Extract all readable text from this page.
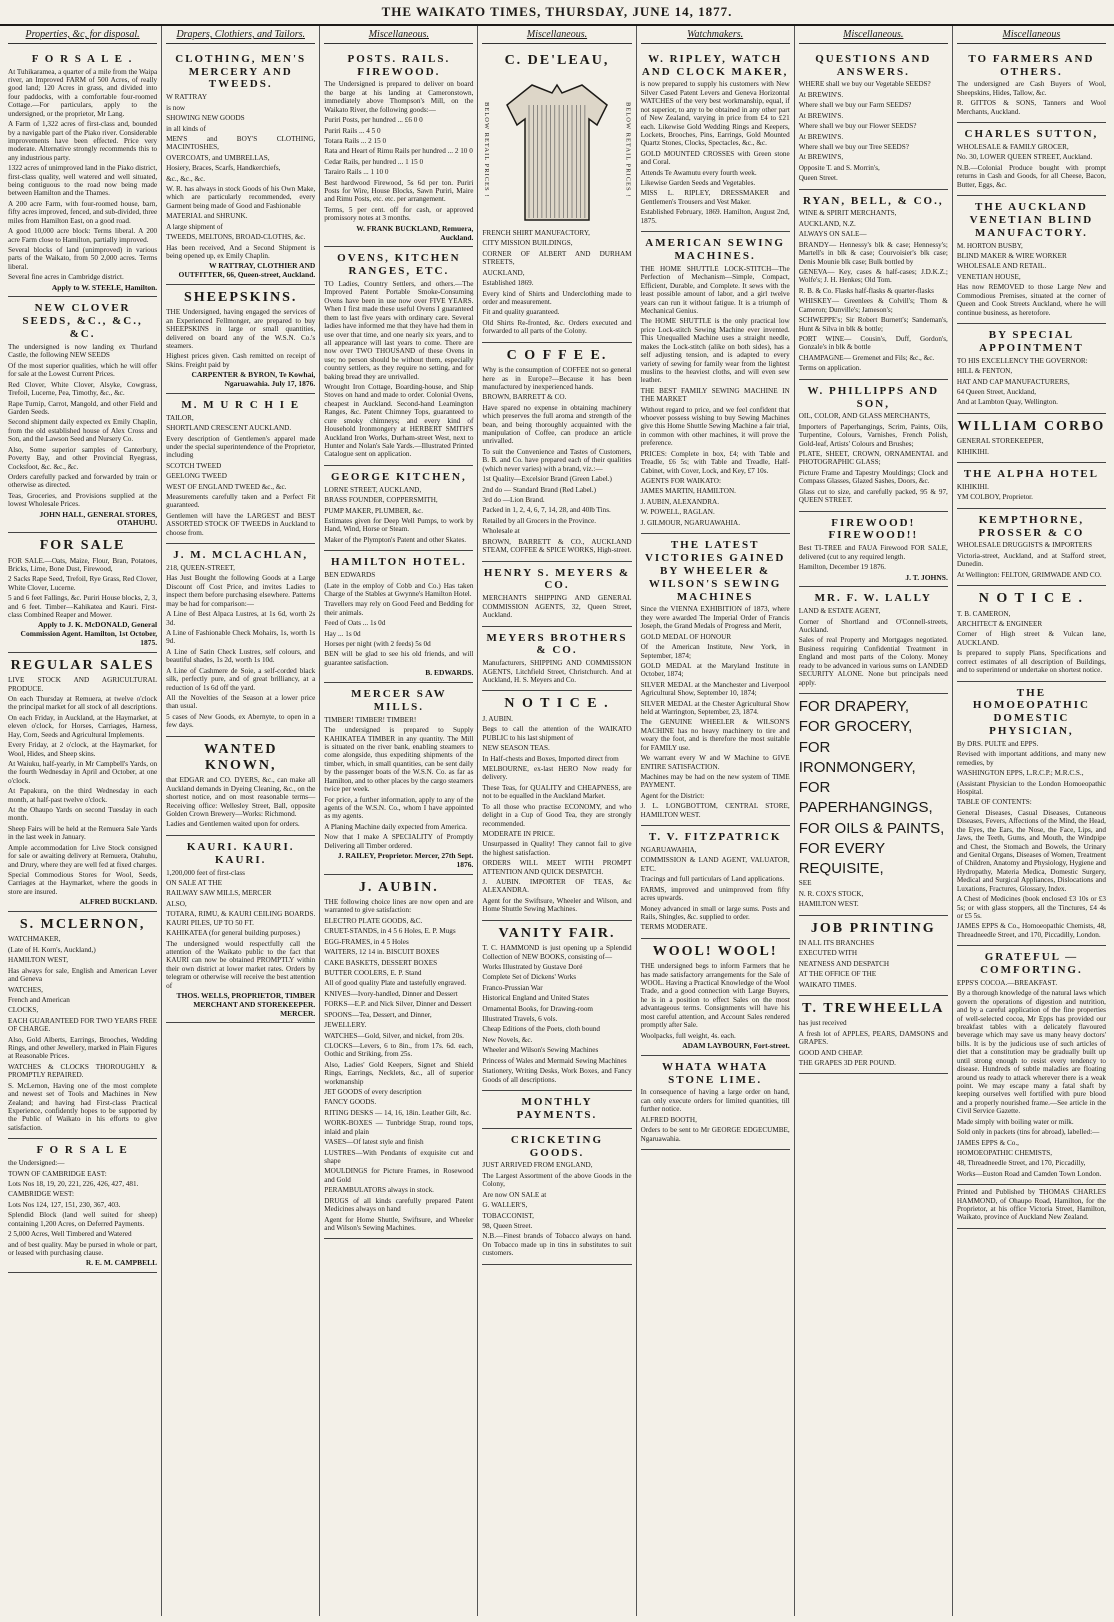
THE WAIKATO TIMES, THURSDAY, JUNE 14, 1877.
Properties, &c, for disposal.
F O R S A L E .

At Tuhikaramea, a quarter of a mile from the Waipa river, an Improved FARM of 500 Acres, of really good land; 120 Acres in grass, and divided into four paddocks, with a comfortable four-roomed Cottage.—For particulars, apply to the undersigned, or the proprietor, Mr Lang.

A Farm of 1,322 acres of first-class and, bounded by a navigable part of the Piako river. Considerable improvements have been effected. Price very moderate. Alternative strongly recommends this to any industrious party.

1322 acres of unimproved land in the Piako district, first-class quality, well watered and well situated, being contiguous to the road now being made between Hamilton and the Thames.

A 200 acre Farm, with four-roomed house, barn, fifty acres improved, fenced, and sub-divided, three miles from Hamilton East, on a good road.

A good 10,000 acre block: Terms liberal. A 200 acre Farm close to Hamilton, partially improved.

Several blocks of land (unimproved) in various parts of the Waikato, from 50 2,000 acres. Terms liberal.

Several fine acres in Cambridge district.

Apply to W. STEELE, Hamilton.
NEW CLOVER SEEDS, &C., &C., &C.

The undersigned is now landing ex Thurland Castle, the following NEW SEEDS

Of the most superior qualities, which he will offer for sale at the Lowest Current Prices.

Red Clover, White Clover, Alsyke, Cowgrass, Trefoil, Lucerne, Pea, Timothy, &c., &c.

Rape Turnip, Carrot, Mangold, and other Field and Garden Seeds.

Second shipment daily expected ex Emily Chaplin, from the old established house of Alex Cross and Son, and the Lawson Seed and Nursery Co.

Also, Some superior samples of Canterbury, Poverty Bay, and other Provincial Ryegrass, Cocksfoot, &c. &c., &c.

Orders carefully packed and forwarded by train or otherwise as directed.

Teas, Groceries, and Provisions supplied at the lowest Wholesale Prices.

JOHN HALL, GENERAL STORES, OTAHUHU.
FOR SALE

FOR SALE.—Oats, Maize, Flour, Bran, Potatoes, Bricks, Lime, Bone Dust, Firewood,

2 Sacks Rape Seed, Trefoil, Rye Grass, Red Clover, White Clover, Lucerne.

5 and 6 feet Fallings, &c. Puriri House blocks, 2, 3, and 6 feet. Timber—Kahikatea and Kauri. First-class Combined Reaper and Mower.

Apply to J. K. McDONALD, General Commission Agent. Hamilton, 1st October, 1875.
REGULAR SALES

LIVE STOCK AND AGRICULTURAL PRODUCE.

On each Thursday at Remuera, at twelve o'clock the principal market for all stock of all descriptions.

On each Friday, in Auckland, at the Haymarket, at eleven o'clock, for Horses, Carriages, Harness, Hay, Corn, Seeds and Agricultural Implements.

Every Friday, at 2 o'clock, at the Haymarket, for Wool, Hides, and Sheep skins.

At Waiuku, half-yearly, in Mr Campbell's Yards, on the fourth Wednesday in April and October, at one o'clock.

At Papakura, on the third Wednesday in each month, at half-past twelve o'clock.

At the Ohaupo Yards on second Tuesday in each month.

Sheep Fairs will be held at the Remuera Sale Yards in the last week in January.

Ample accommodation for Live Stock consigned for sale or awaiting delivery at Remuera, Otahuhu, and Drury, where they are well fed at fixed charges.

Special Commodious Stores for Wool, Seeds, Carriages at the Haymarket, where the goods in store are insured.

ALFRED BUCKLAND.
S. MCLERNON,

WATCHMAKER,

(Late of H. Korn's, Auckland,)

HAMILTON WEST,

Has always for sale, English and American Lever and Geneva

WATCHES,

French and American

CLOCKS,

EACH GUARANTEED FOR TWO YEARS FREE OF CHARGE.

Also, Gold Alberts, Earrings, Brooches, Wedding Rings, and other Jewellery, marked in Plain Figures at Reasonable Prices.

WATCHES & CLOCKS THOROUGHLY & PROMPTLY REPAIRED.

S. McLernon, Having one of the most complete and newest set of Tools and Machines in New Zealand; and having had First-class Practical Experience, confidently hopes to be supported by the Public of Waikato in his efforts to give satisfaction.

F O R S A L E

the Undersigned:—

TOWN OF CAMBRIDGE EAST:

Lots Nos 18, 19, 20, 221, 226, 426, 427, 481.

CAMBRIDGE WEST:

Lots Nos 124, 127, 151, 230, 367, 403.

Splendid Block (land well suited for sheep) containing 1,200 Acres, on Deferred Payments.

2 5,000 Acres, Well Timbered and Watered

and of best quality. May be pursed in whole or part, or leased with purchasing clause.

R. E. M. CAMPBELL
Drapers, Clothiers, and Tailors.
CLOTHING, MEN'S MERCERY AND TWEEDS.

W RATTRAY

is now

SHOWING NEW GOODS

in all kinds of

MEN'S and BOY'S CLOTHING, MACINTOSHES,

OVERCOATS, and UMBRELLAS,

Hosiery, Braces, Scarfs, Handkerchiefs,

&c., &c., &c.

W. R. has always in stock Goods of his Own Make, which are particularly recommended, every Garment being made of Good and Fashionable

MATERIAL and SHRUNK.

A large shipment of

TWEEDS, MELTONS, BROAD-CLOTHS, &c.

Has been received, And a Second Shipment is being opened up, ex Emily Chaplin.

W RATTRAY, CLOTHIER AND OUTFITTER, 66, Queen-street, Auckland.
SHEEPSKINS.

THE Undersigned, having engaged the services of an Experienced Fellmonger, are prepared to buy SHEEPSKINS in large or small quantities, delivered on board any of the W.S.N. Co.'s steamers.

Highest prices given. Cash remitted on receipt of Skins. Freight paid by

CARPENTER & BYRON, Te Kowhai, Ngaruawahia. July 17, 1876.
M. M U R C H I E

TAILOR,

SHORTLAND CRESCENT AUCKLAND.

Every description of Gentlemen's apparel made under the special superintendence of the Proprietor, including

SCOTCH TWEED

GEELONG TWEED

WEST OF ENGLAND TWEED &c., &c.

Measurements carefully taken and a Perfect Fit guaranteed.

Gentlemen will have the LARGEST and BEST ASSORTED STOCK OF TWEEDS in Auckland to choose from.

J. M. MCLACHLAN,

218, QUEEN-STREET,

Has Just Bought the following Goods at a Large Discount off Cost Price, and invites Ladies to inspect them before purchasing elsewhere. Patterns may be had for comparison:—

A Line of Best Alpaca Lustres, at 1s 6d, worth 2s 3d.

A Line of Fashionable Check Mohairs, 1s, worth 1s 9d.

A Line of Satin Check Lustres, self colours, and beautiful shades, 1s 2d, worth 1s 10d.

A Line of Cashmere de Soie, a self-corded black silk, perfectly pure, and of great brilliancy, at a reduction of 1s 6d off the yard.

All the Novelties of the Season at a lower price than usual.

5 cases of New Goods, ex Abernyte, to open in a few days.

WANTED KNOWN,

that EDGAR and CO. DYERS, &c., can make all Auckland demands in Dyeing Cleaning, &c., on the shortest notice, and on most reasonable terms—Receiving office: Wellesley Street, Ball, opposite Golden Crown Brewery—Works: Richmond.

Ladies and Gentlemen waited upon for orders.

KAURI. KAURI. KAURI.

1,200,000 feet of first-class

ON SALE AT THE

RAILWAY SAW MILLS, MERCER

ALSO,

TOTARA, RIMU, & KAURI CEILING BOARDS. KAURI PILES, UP TO 50 FT.

KAHIKATEA (for general building purposes.)

The undersigned would respectfully call the attention of the Waikato public to the fact that KAURI can now be obtained PROMPTLY within their own district at lower market rates. Orders by telegram or otherwise will receive the best attention of

THOS. WELLS, PROPRIETOR, TIMBER MERCHANT AND STOREKEEPER. MERCER.
Miscellaneous.
POSTS. RAILS. FIREWOOD.

The Undersigned is prepared to deliver on board the barge at his landing at Cameronstown, immediately above Thompson's Mill, on the Waikato River, the following goods:—

Puriri Posts, per hundred ... £6 0 0

Puriri Rails ... 4 5 0

Totara Rails ... 2 15 0

Rata and Heart of Rimu Rails per hundred ... 2 10 0

Cedar Rails, per hundred ... 1 15 0

Tarairo Rails ... 1 10 0

Best hardwood Firewood, 5s 6d per ton. Puriri Posts for Wire, House Blocks, Sawn Puriri, Maire and Rimu Posts, etc. etc. per arrangement.

Terms, 5 per cent. off for cash, or approved promissory notes at 3 months.

W. FRANK BUCKLAND, Remuera, Auckland.
OVENS, KITCHEN RANGES, ETC.

TO Ladies, Country Settlers, and others.—The Improved Patent Portable Smoke-Consuming Ovens have been in use now over FIVE YEARS. When I first made these useful Ovens I guaranteed them to last five years with ordinary care. Several ladies have informed me that they have had them in use over that time, and one nearly six years, and to all appearance will last years to come. There are now over TWO THOUSAND of these Ovens in use; no person should be without them, especially country settlers, as they require no setting, and for baking bread they are unrivalled.

Wrought Iron Cottage, Boarding-house, and Ship Stoves on hand and made to order. Colonial Ovens, cheapest in Auckland. Second-hand Leamington Ranges, &c. Patent Chimney Tops, guaranteed to cure smoky chimneys; and every kind of Household Ironmongery at HERBERT SMITH'S Auckland Iron Works, Durham-street West, next to Hunter and Nolan's Sale Yards.—Illustrated Printed Catalogue sent on application.

GEORGE KITCHEN,

LORNE STREET, AUCKLAND,

BRASS FOUNDER, COPPERSMITH,

PUMP MAKER, PLUMBER, &c.

Estimates given for Deep Well Pumps, to work by Hand, Wind, Horse or Steam.

Maker of the Plympton's Patent and other Skates.

HAMILTON HOTEL.

BEN EDWARDS

(Late in the employ of Cobb and Co.) Has taken Charge of the Stables at Gwynne's Hamilton Hotel.

Travellers may rely on Good Feed and Bedding for their animals.

Feed of Oats ... 1s 0d

Hay ... 1s 0d

Horses per night (with 2 feeds) 5s 0d

BEN will be glad to see his old friends, and will guarantee satisfaction.

B. EDWARDS.
MERCER SAW MILLS.

TIMBER! TIMBER! TIMBER!

The undersigned is prepared to Supply KAHIKATEA TIMBER in any quantity. The Mill is situated on the river bank, enabling steamers to come alongside, thus expediting shipments of the timber, which, in small quantities, can be sent daily by the passenger boats of the W.S.N. Co. as far as Hamilton, and to other places by the cargo steamers twice per week.

For price, a further information, apply to any of the agents of the W.S.N. Co., whom I have appointed as my agents.

A Planing Machine daily expected from America.

Now that I make A SPECIALITY of Promptly Delivering all Timber ordered.

J. RAILEY, Proprietor. Mercer, 27th Sept. 1876.
J. AUBIN.

THE following choice lines are now open and are warranted to give satisfaction:

ELECTRO PLATE GOODS, &C.

CRUET-STANDS, in 4 5 6 Holes, E. P. Mugs

EGG-FRAMES, in 4 5 Holes

WAITERS, 12 14 in. BISCUIT BOXES

CAKE BASKETS, DESSERT BOXES

BUTTER COOLERS, E. P. Stand

All of good quality Plate and tastefully engraved.

KNIVES—Ivory-handled, Dinner and Dessert

FORKS—E.P. and Nick Silver, Dinner and Dessert

SPOONS—Tea, Dessert, and Dinner,

JEWELLERY.

WATCHES—Gold, Silver, and nickel, from 20s.

CLOCKS—Levers, 6 to 8in., from 17s. 6d. each, Oothic and Striking, from 25s.

Also, Ladies' Gold Keepers, Signet and Shield Rings, Earrings, Necklets, &c., all of superior workmanship

JET GOODS of every description

FANCY GOODS.

RITING DESKS — 14, 16, 18in. Leather Gilt, &c.

WORK-BOXES — Tunbridge Strap, round tops, inlaid and plain

VASES—Of latest style and finish

LUSTRES—With Pendants of exquisite cut and shape

MOULDINGS for Picture Frames, in Rosewood and Gold

PERAMBULATORS always in stock.

DRUGS of all kinds carefully prepared Patent Medicines always on hand

Agent for Home Shuttle, Swiftsure, and Wheeler and Wilson's Sewing Machines.

Miscellaneous.
C. DE'LEAU,
BELOW RETAIL PRICES !	BELOW RETAIL PRICES !

FRENCH SHIRT MANUFACTORY,

CITY MISSION BUILDINGS,

CORNER OF ALBERT AND DURHAM STREETS,

AUCKLAND,

Established 1869.

Every kind of Shirts and Underclothing made to order and measurement.

Fit and quality guaranteed.

Old Shirts Re-fronted, &c. Orders executed and forwarded to all parts of the Colony.

C O F F E E.

Why is the consumption of COFFEE not so general here as in Europe?—Because it has been manufactured by inexperienced hands.

BROWN, BARRETT & CO.

Have spared no expense in obtaining machinery which preserves the full aroma and strength of the bean, and being thoroughly acquainted with the manipulation of Coffee, can produce an article unrivalled.

To suit the Convenience and Tastes of Customers, B. B. and Co. have prepared each of their qualities (which never varies) with a brand, viz.:—

1st Quality—Excelsior Brand (Green Label.)

2nd do — Standard Brand (Red Label.)

3rd do —Lion Brand.

Packed in 1, 2, 4, 6, 7, 14, 28, and 40lb Tins.

Retailed by all Grocers in the Province.

Wholesale at

BROWN, BARRETT & CO., AUCKLAND STEAM, COFFEE & SPICE WORKS, High-street.

HENRY S. MEYERS & CO.

MERCHANTS SHIPPING AND GENERAL COMMISSION AGENTS, 32, Queen Street, Auckland.

MEYERS BROTHERS & CO.

Manufacturers, SHIPPING AND COMMISSION AGENTS, Litchfield Street, Christchurch. And at Auckland, H. S. Meyers and Co.

N O T I C E .

J. AUBIN.

Begs to call the attention of the WAIKATO PUBLIC to his last shipment of

NEW SEASON TEAS.

In Half-chests and Boxes, Imported direct from

MELBOURNE, ex-last HERO Now ready for delivery.

These Teas, for QUALITY and CHEAPNESS, are not to be equalled in the Auckland Market.

To all those who practise ECONOMY, and who delight in a Cup of Good Tea, they are strongly recommended.

MODERATE IN PRICE.

Unsurpassed in Quality! They cannot fail to give the highest satisfaction.

ORDERS WILL MEET WITH PROMPT ATTENTION AND QUICK DESPATCH.

J. AUBIN. IMPORTER OF TEAS, &c ALEXANDRA.

Agent for the Swiftsure, Wheeler and Wilson, and Home Shuttle Sewing Machines.

VANITY FAIR.

T. C. HAMMOND is just opening up a Splendid Collection of NEW BOOKS, consisting of—

Works Illustrated by Gustave Doré

Complete Set of Dickens' Works

Franco-Prussian War

Historical England and United States

Ornamental Books, for Drawing-room

Illustrated Travels, 6 vols.

Cheap Editions of the Poets, cloth bound

New Novels, &c.

Wheeler and Wilson's Sewing Machines

Princess of Wales and Mermaid Sewing Machines

Stationery, Writing Desks, Work Boxes, and Fancy Goods of all descriptions.

MONTHLY PAYMENTS.
CRICKETING GOODS.

JUST ARRIVED FROM ENGLAND,

The Largest Assortment of the above Goods in the Colony,

Are now ON SALE at

G. WALLER'S,

TOBACCONIST,

98, Queen Street.

N.B.—Finest brands of Tobacco always on hand. On Tobacco made up in tins in substitutes to suit customers.

Watchmakers.
W. RIPLEY, WATCH AND CLOCK MAKER,

is now prepared to supply his customers with New Silver Cased Patent Levers and Geneva Horizontal WATCHES of the very best workmanship, equal, if not superior, to any to be obtained in any other part of New Zealand, varying in price from £4 to £21 each. Likewise Gold Wedding Rings and Keepers, Lockets, Brooches, Pins, Earrings, Gold Mounted Quartz Stones, Clocks, Spectacles, &c., &c.

GOLD MOUNTED CROSSES with Green stone and Coral.

Attends Te Awamutu every fourth week.

Likewise Garden Seeds and Vegetables.

MISS L. RIPLEY, DRESSMAKER and Gentlemen's Trousers and Vest Maker.

Established February, 1869. Hamilton, August 2nd, 1875.

AMERICAN SEWING MACHINES.

THE HOME SHUTTLE LOCK-STITCH—The Perfection of Mechanism—Simple, Compact, Efficient, Durable, and Complete. It sews with the least possible amount of labor, and a girl twelve years can run it without fatigue. It is a triumph of Mechanical Genius.

The HOME SHUTTLE is the only practical low price Lock-stitch Sewing Machine ever invented. This Unequalled Machine uses a straight needle, makes the Lock-stitch (alike on both sides), has a self adjusting tension, and is adapted to every variety of sewing for family wear from the lightest muslins to the heaviest cloths, and will even sew leather.

THE BEST FAMILY SEWING MACHINE IN THE MARKET

Without regard to price, and we feel confident that whoever possess wishing to buy Sewing Machines give this Home Shuttle Sewing Machine a fair trial, in common with other machines, it will prove the preference.

PRICES: Complete in box, £4; with Table and Treadle, £6 5s; with Table and Treadle, Half-Cabinet, with Cover, Lock, and Key, £7 10s.

AGENTS FOR WAIKATO:

JAMES MARTIN, HAMILTON.

J. AUBIN, ALEXANDRA.

W. POWELL, RAGLAN.

J. GILMOUR, NGARUAWAHIA.

THE LATEST VICTORIES GAINED BY WHEELER & WILSON'S SEWING MACHINES

Since the VIENNA EXHIBITION of 1873, where they were awarded The Imperial Order of Francis Joseph, the Grand Medals of Progress and Merit,

GOLD MEDAL OF HONOUR

Of the American Institute, New York, in September, 1874;

GOLD MEDAL at the Maryland Institute in October, 1874;

SILVER MEDAL at the Manchester and Liverpool Agricultural Show, September 10, 1874;

SILVER MEDAL at the Chester Agricultural Show held at Warrington, September, 23, 1874.

The GENUINE WHEELER & WILSON'S MACHINE has no heavy machinery to tire and weary the foot, and is therefore the most suitable for FAMILY use.

We warrant every W and W Machine to GIVE ENTIRE SATISFACTION.

Machines may be had on the new system of TIME PAYMENT.

Agent for the District:

J. L. LONGBOTTOM, CENTRAL STORE, HAMILTON WEST.

T. V. FITZPATRICK

NGARUAWAHIA,

COMMISSION & LAND AGENT, VALUATOR, ETC.

Tracings and full particulars of Land applications.

FARMS, improved and unimproved from fifty acres upwards.

Money advanced in small or large sums. Posts and Rails, Shingles, &c. supplied to order.

TERMS MODERATE.

WOOL! WOOL!

THE undersigned begs to inform Farmers that he has made satisfactory arrangements for the Sale of WOOL. Having a Practical Knowledge of the Wool Trade, and a good connection with Large Buyers, he is in a position to effect Sales on the most advantageous terms. Consignments will have his most careful attention, and Account Sales rendered promptly after Sale.

Woolpacks, full weight, 4s. each.

ADAM LAYBOURN, Fort-street.
WHATA WHATA STONE LIME.

In consequence of having a large order on hand, can only execute orders for limited quantities, till further notice.

ALFRED BOOTH,

Orders to be sent to Mr GEORGE EDGECUMBE, Ngaruawahia.

Miscellaneous.
QUESTIONS AND ANSWERS.

WHERE shall we buy our Vegetable SEEDS?

At BREWIN'S.

Where shall we buy our Farm SEEDS?

At BREWIN'S.

Where shall we buy our Flower SEEDS?

At BREWIN'S.

Where shall we buy our Tree SEEDS?

At BREWIN'S,

Opposite T. and S. Morrin's,

Queen Street.

RYAN, BELL, & CO.,

WINE & SPIRIT MERCHANTS,

AUCKLAND, N.Z.

ALWAYS ON SALE—

BRANDY— Hennessy's blk & case; Hennessy's; Martell's in blk & case; Courvoisier's blk case; Denis Mounie blk case; Bulk bottled by

GENEVA— Key, cases & half-cases; J.D.K.Z.; Wolfe's; J. H. Henkes; Old Tom.

R. B. & Co. Flasks half-flasks & quarter-flasks

WHISKEY— Greenlees & Colvill's; Thom & Cameron; Dunville's; Jameson's;

SCHWEPPE's; Sir Robert Burnett's; Sandeman's, Hunt & Silva in blk & bottle;

PORT WINE— Cousin's, Duff, Gordon's, Gonzale's in blk & bottle

CHAMPAGNE— Gremenet and Fils; &c., &c.

Terms on application.

W. PHILLIPPS AND SON,

OIL, COLOR, AND GLASS MERCHANTS,

Importers of Paperhangings, Scrim, Paints, Oils, Turpentine, Colours, Varnishes, French Polish, Gold-leaf, Artists' Colours and Brushes;

PLATE, SHEET, CROWN, ORNAMENTAL and PHOTOGRAPHIC GLASS;

Picture Frame and Tapestry Mouldings; Clock and Compass Glasses, Glazed Sashes, Doors, &c.

Glass cut to size, and carefully packed, 95 & 97, QUEEN STREET.

FIREWOOD! FIREWOOD!!

Best TI-TREE and FAUA Firewood FOR SALE, delivered (cut to any required length.

Hamilton, December 19 1876.

J. T. JOHNS.
MR. F. W. LALLY

LAND & ESTATE AGENT,

Corner of Shortland and O'Connell-streets, Auckland.

Sales of real Property and Mortgages negotiated. Business requiring Confidential Treatment in England and most parts of the Colony. Money ready to be advanced in various sums on LANDED SECURITY ALONE. None but principals need apply.

FOR DRAPERY,
FOR GROCERY,
FOR IRONMONGERY,
FOR PAPERHANGINGS,
FOR OILS & PAINTS,
FOR EVERY REQUISITE,

SEE

N. R. COX'S STOCK,

HAMILTON WEST.

JOB PRINTING

IN ALL ITS BRANCHES

EXECUTED WITH

NEATNESS AND DESPATCH

AT THE OFFICE OF THE

WAIKATO TIMES.

T. TREWHEELLA

has just received

A fresh lot of APPLES, PEARS, DAMSONS and GRAPES.

GOOD AND CHEAP.

THE GRAPES 3D PER POUND.

Miscellaneous
TO FARMERS AND OTHERS.

The undersigned are Cash Buyers of Wool, Sheepskins, Hides, Tallow, &c.

R. GITTOS & SONS, Tanners and Wool Merchants, Auckland.

CHARLES SUTTON,

WHOLESALE & FAMILY GROCER,

No. 30, LOWER QUEEN STREET, Auckland.

N.B.—Colonial Produce bought with prompt returns in Cash and Goods, for all Cheese, Bacon, Butter, Eggs, &c.

THE AUCKLAND VENETIAN BLIND MANUFACTORY.

M. HORTON BUSBY,

BLIND MAKER & WIRE WORKER

WHOLESALE AND RETAIL.

VENETIAN HOUSE,

Has now REMOVED to those Large New and Commodious Premises, situated at the corner of Queen and Cook Streets Auckland, where he will continue business, as heretofore.

BY SPECIAL APPOINTMENT

TO HIS EXCELLENCY THE GOVERNOR:

HILL & FENTON,

HAT AND CAP MANUFACTURERS,

64 Queen Street, Auckland,

And at Lambton Quay, Wellington.

WILLIAM CORBO

GENERAL STOREKEEPER,

KIHIKIHI.

THE ALPHA HOTEL

KIHIKIHI.

YM COLBOY, Proprietor.

KEMPTHORNE, PROSSER & CO

WHOLESALE DRUGGISTS & IMPORTERS

Victoria-street, Auckland, and at Stafford street, Dunedin.

At Wellington: FELTON, GRIMWADE AND CO.

N O T I C E .

T. B. CAMERON,

ARCHITECT & ENGINEER

Corner of High street & Vulcan lane, AUCKLAND.

Is prepared to supply Plans, Specifications and correct estimates of all description of Buildings, and to superintend or undertake on shortest notice.

THE HOMOEOPATHIC DOMESTIC PHYSICIAN,

By DRS. PULTE and EPPS.

Revised with important additions, and many new remedies, by

WASHINGTON EPPS, L.R.C.P.; M.R.C.S.,

(Assistant Physician to the London Homoeopathic Hospital.

TABLE OF CONTENTS:

General Diseases, Casual Diseases, Cutaneous Diseases, Fevers, Affections of the Mind, the Head, the Eyes, the Ears, the Nose, the Face, Lips, and Jaws, the Teeth, Gums, and Mouth, the Windpipe and Chest, the Stomach and Bowels, the Urinary and Genital Organs, Diseases of Women, Treatment of Children, Anatomy and Physiology, Hygiene and Hydropathy, Materia Medica, Domestic Surgery, Medical and Surgical Appliances, Dislocations and Luxations, Fractures, Glossary, Index.

A Chest of Medicines (book enclosed £3 10s or £3 5s; or with glass stoppers, all the Tinctures, £4 4s or £5 5s.

JAMES EPPS & Co., Homoeopathic Chemists, 48, Threadneedle Street, and 170, Piccadilly, London.

GRATEFUL — COMFORTING.

EPPS'S COCOA.—BREAKFAST.

By a thorough knowledge of the natural laws which govern the operations of digestion and nutrition, and by a careful application of the fine properties of well-selected cocoa, Mr Epps has provided our breakfast tables with a delicately flavoured beverage which may save us many heavy doctors' bills. It is by the judicious use of such articles of diet that a constitution may be gradually built up until strong enough to resist every tendency to disease. Hundreds of subtle maladies are floating around us ready to attack wherever there is a weak point. We may escape many a fatal shaft by keeping ourselves well fortified with pure blood and a properly nourished frame.—See article in the Civil Service Gazette.

Made simply with boiling water or milk.

Sold only in packets (tins for abroad), labelled:—

JAMES EPPS & Co.,

HOMOEOPATHIC CHEMISTS,

48, Threadneedle Street, and 170, Piccadilly,

Works—Euston Road and Camden Town London.

Printed and Published by THOMAS CHARLES HAMMOND, of Ohaupo Road, Hamilton, for the Proprietor, at his office Victoria Street, Hamilton, Waikato, province of Auckland New Zealand.
